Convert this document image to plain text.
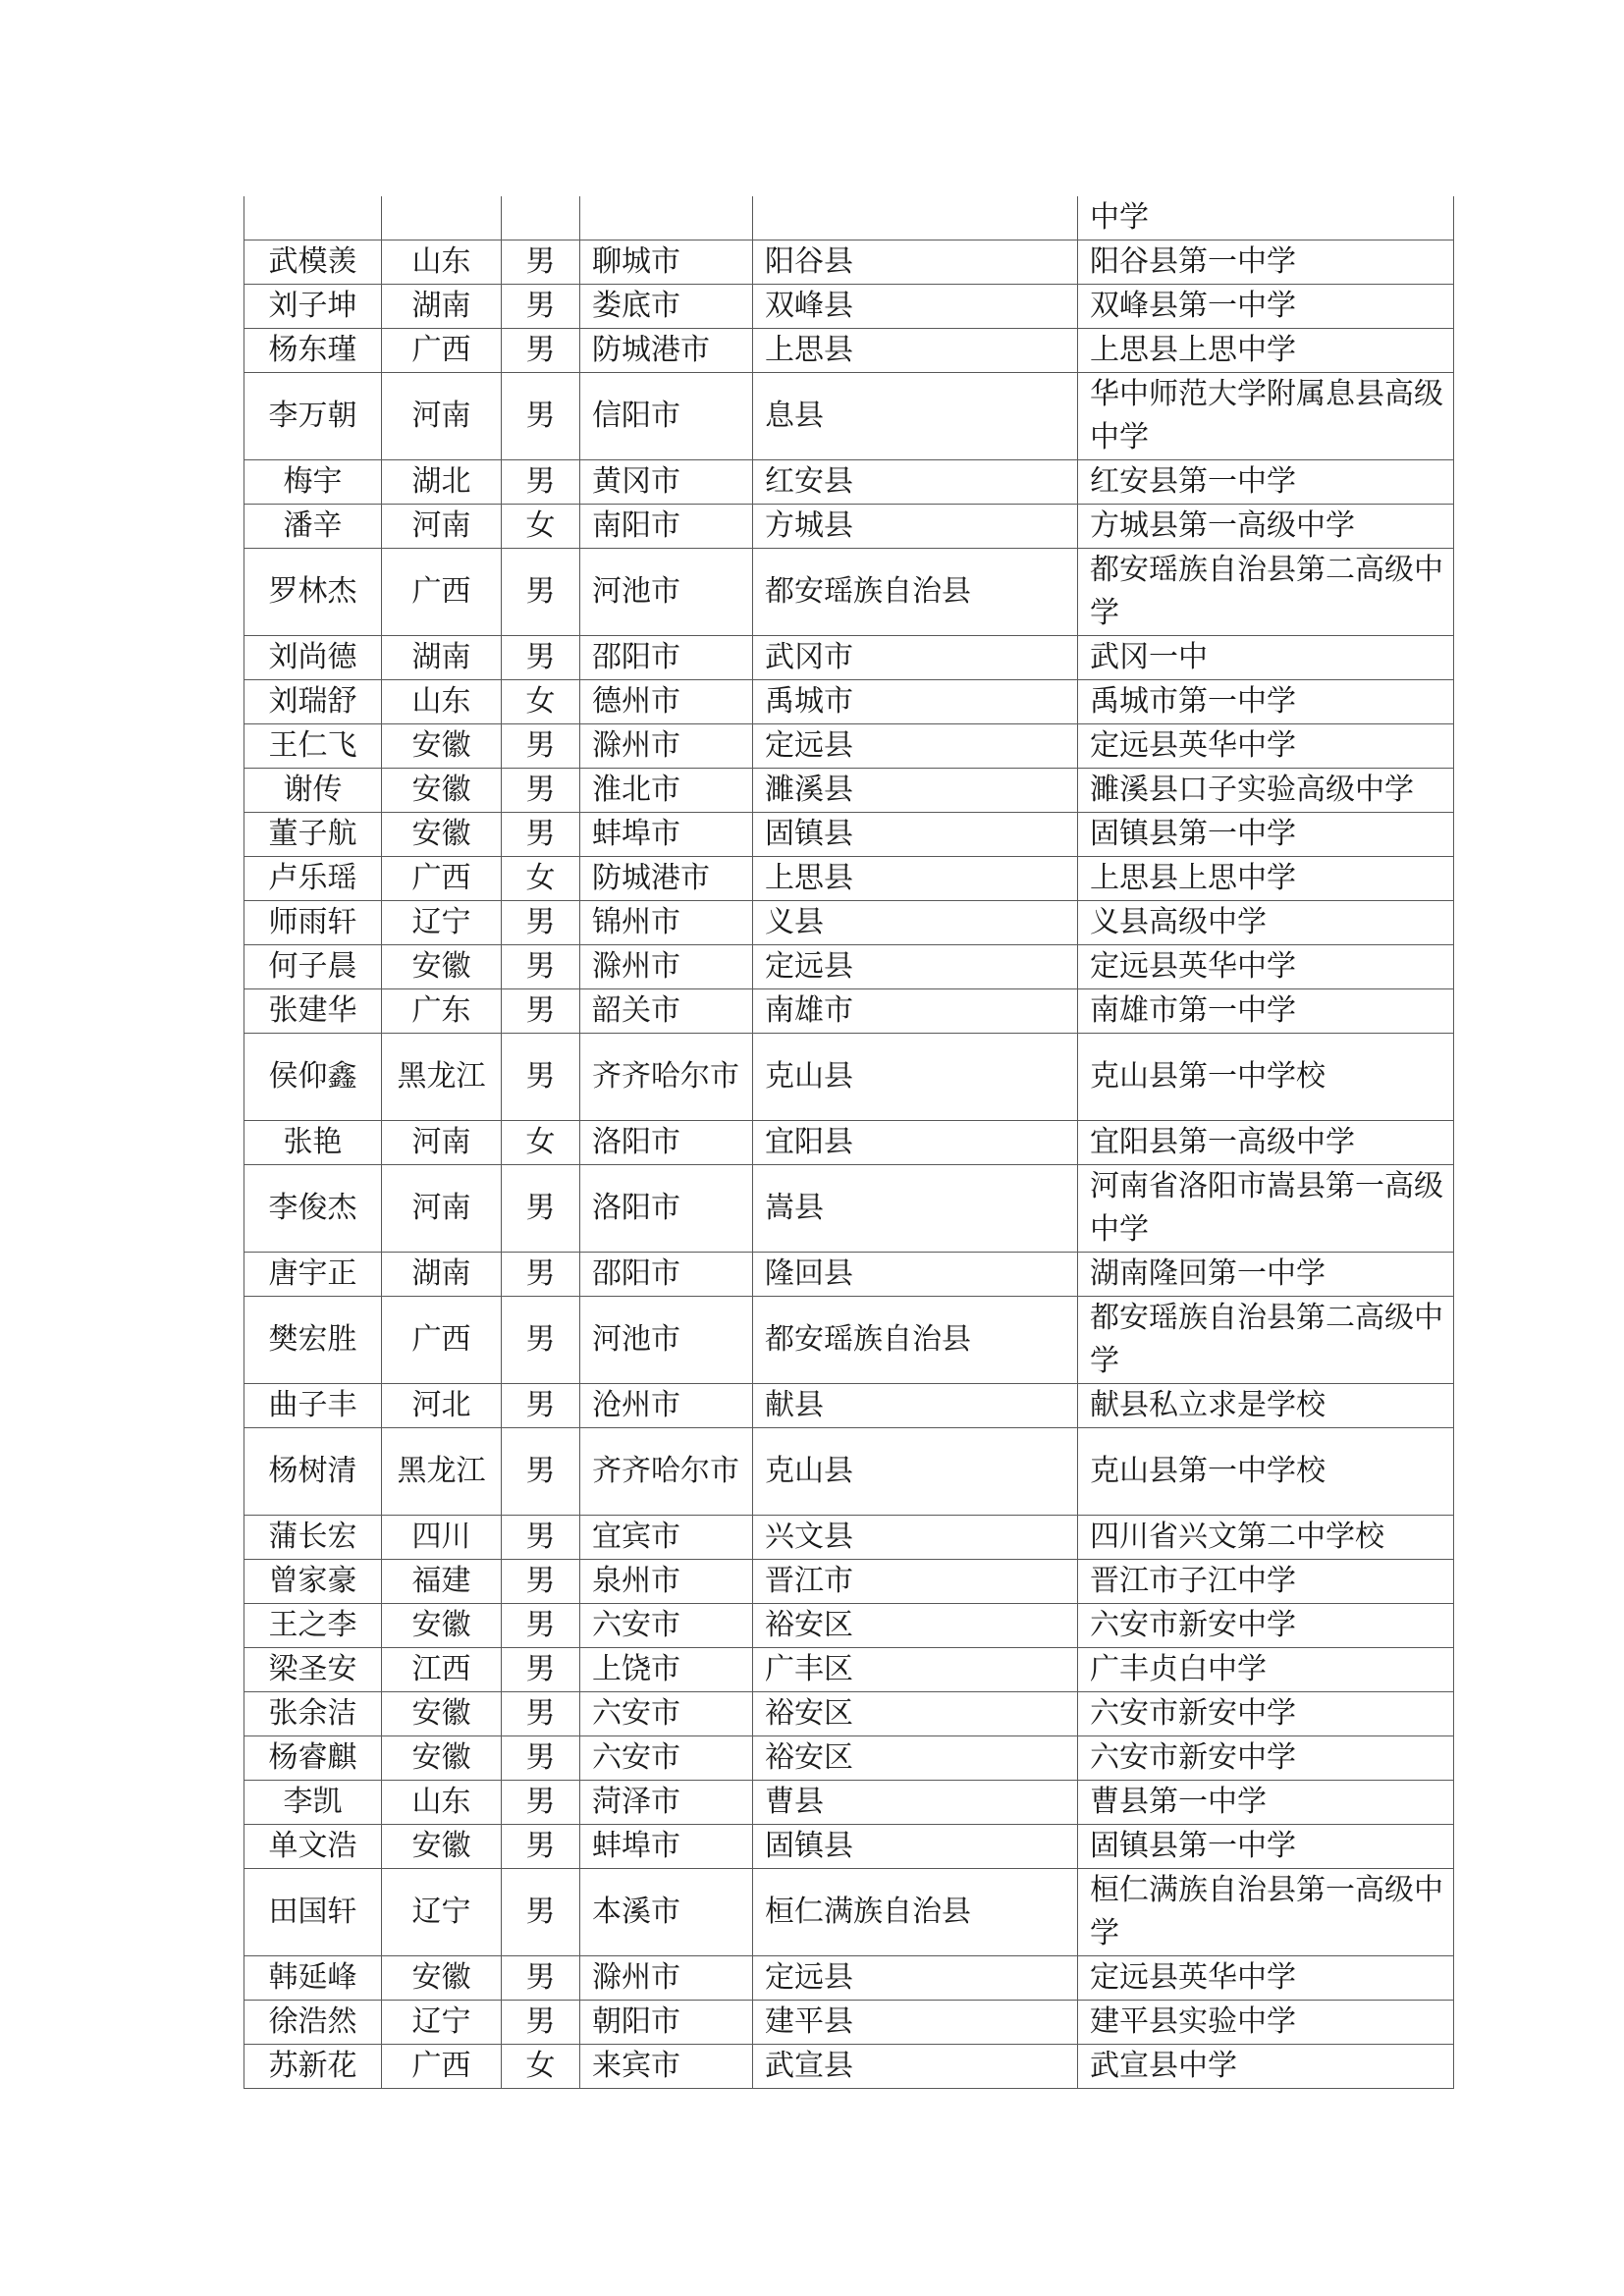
					中学
武模羡	山东	男	聊城市	阳谷县	阳谷县第一中学
刘子坤	湖南	男	娄底市	双峰县	双峰县第一中学
杨东瑾	广西	男	防城港市	上思县	上思县上思中学
李万朝	河南	男	信阳市	息县	华中师范大学附属息县高级中学
梅宇	湖北	男	黄冈市	红安县	红安县第一中学
潘辛	河南	女	南阳市	方城县	方城县第一高级中学
罗林杰	广西	男	河池市	都安瑶族自治县	都安瑶族自治县第二高级中学
刘尚德	湖南	男	邵阳市	武冈市	武冈一中
刘瑞舒	山东	女	德州市	禹城市	禹城市第一中学
王仁飞	安徽	男	滁州市	定远县	定远县英华中学
谢传	安徽	男	淮北市	濉溪县	濉溪县口子实验高级中学
董子航	安徽	男	蚌埠市	固镇县	固镇县第一中学
卢乐瑶	广西	女	防城港市	上思县	上思县上思中学
师雨轩	辽宁	男	锦州市	义县	义县高级中学
何子晨	安徽	男	滁州市	定远县	定远县英华中学
张建华	广东	男	韶关市	南雄市	南雄市第一中学
侯仰鑫	黑龙江	男	齐齐哈尔市	克山县	克山县第一中学校
张艳	河南	女	洛阳市	宜阳县	宜阳县第一高级中学
李俊杰	河南	男	洛阳市	嵩县	河南省洛阳市嵩县第一高级中学
唐宇正	湖南	男	邵阳市	隆回县	湖南隆回第一中学
樊宏胜	广西	男	河池市	都安瑶族自治县	都安瑶族自治县第二高级中学
曲子丰	河北	男	沧州市	献县	献县私立求是学校
杨树清	黑龙江	男	齐齐哈尔市	克山县	克山县第一中学校
蒲长宏	四川	男	宜宾市	兴文县	四川省兴文第二中学校
曾家豪	福建	男	泉州市	晋江市	晋江市子江中学
王之李	安徽	男	六安市	裕安区	六安市新安中学
梁圣安	江西	男	上饶市	广丰区	广丰贞白中学
张余洁	安徽	男	六安市	裕安区	六安市新安中学
杨睿麒	安徽	男	六安市	裕安区	六安市新安中学
李凯	山东	男	菏泽市	曹县	曹县第一中学
单文浩	安徽	男	蚌埠市	固镇县	固镇县第一中学
田国轩	辽宁	男	本溪市	桓仁满族自治县	桓仁满族自治县第一高级中学
韩延峰	安徽	男	滁州市	定远县	定远县英华中学
徐浩然	辽宁	男	朝阳市	建平县	建平县实验中学
苏新花	广西	女	来宾市	武宣县	武宣县中学
